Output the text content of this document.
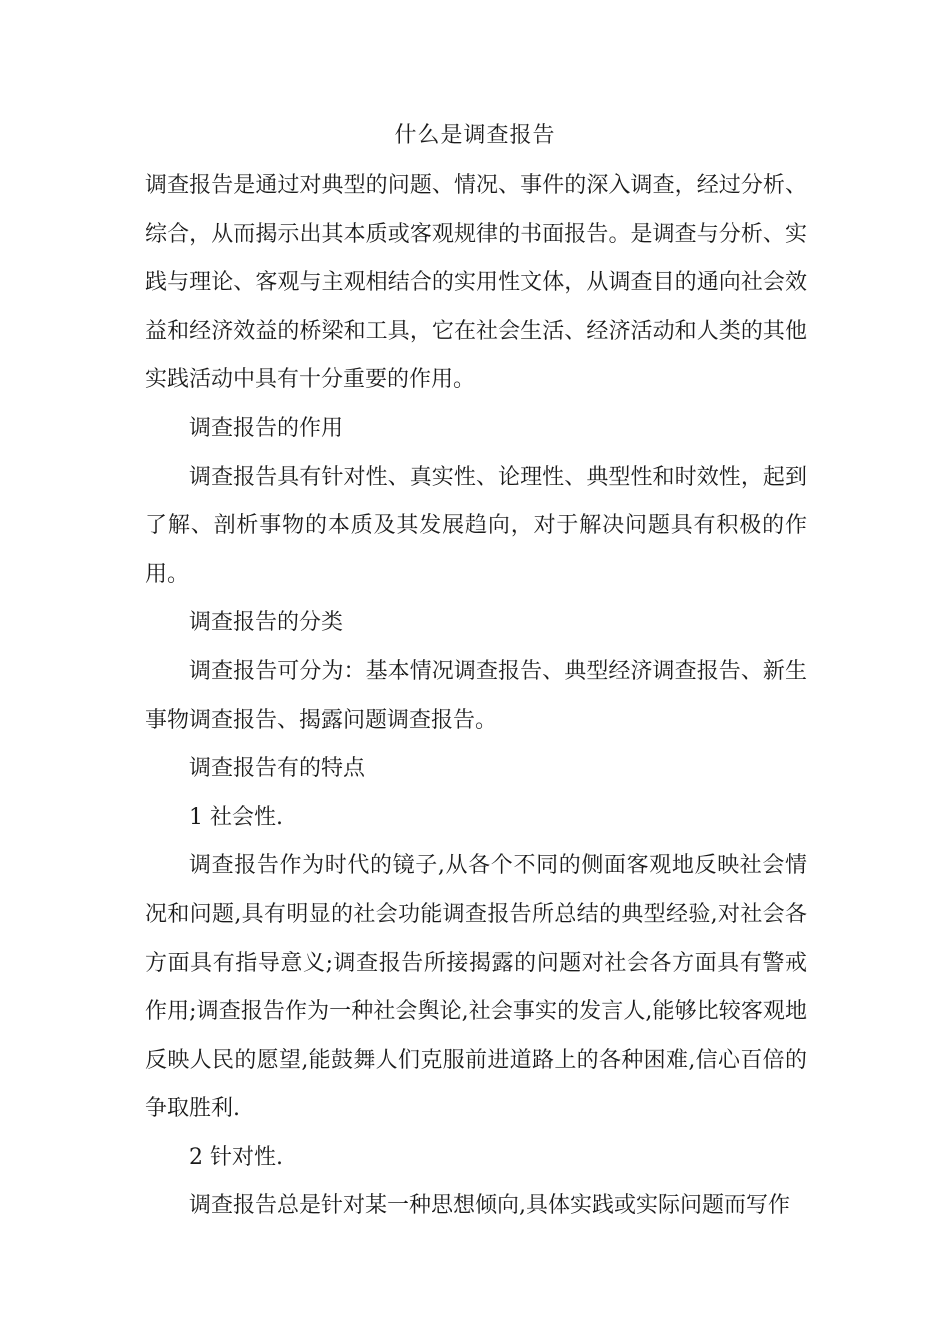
什么是调查报告

调查报告是通过对典型的问题、情况、事件的深入调查，经过分析、综合，从而揭示出其本质或客观规律的书面报告。是调查与分析、实践与理论、客观与主观相结合的实用性文体，从调查目的通向社会效益和经济效益的桥梁和工具，它在社会生活、经济活动和人类的其他实践活动中具有十分重要的作用。

调查报告的作用

调查报告具有针对性、真实性、论理性、典型性和时效性，起到了解、剖析事物的本质及其发展趋向，对于解决问题具有积极的作用。

调查报告的分类

调查报告可分为：基本情况调查报告、典型经济调查报告、新生事物调查报告、揭露问题调查报告。

调查报告有的特点

1 社会性.

调查报告作为时代的镜子,从各个不同的侧面客观地反映社会情况和问题,具有明显的社会功能调查报告所总结的典型经验,对社会各方面具有指导意义;调查报告所接揭露的问题对社会各方面具有警戒作用;调查报告作为一种社会舆论,社会事实的发言人,能够比较客观地反映人民的愿望,能鼓舞人们克服前进道路上的各种困难,信心百倍的争取胜利.

2 针对性.

调查报告总是针对某一种思想倾向,具体实践或实际问题而写作
